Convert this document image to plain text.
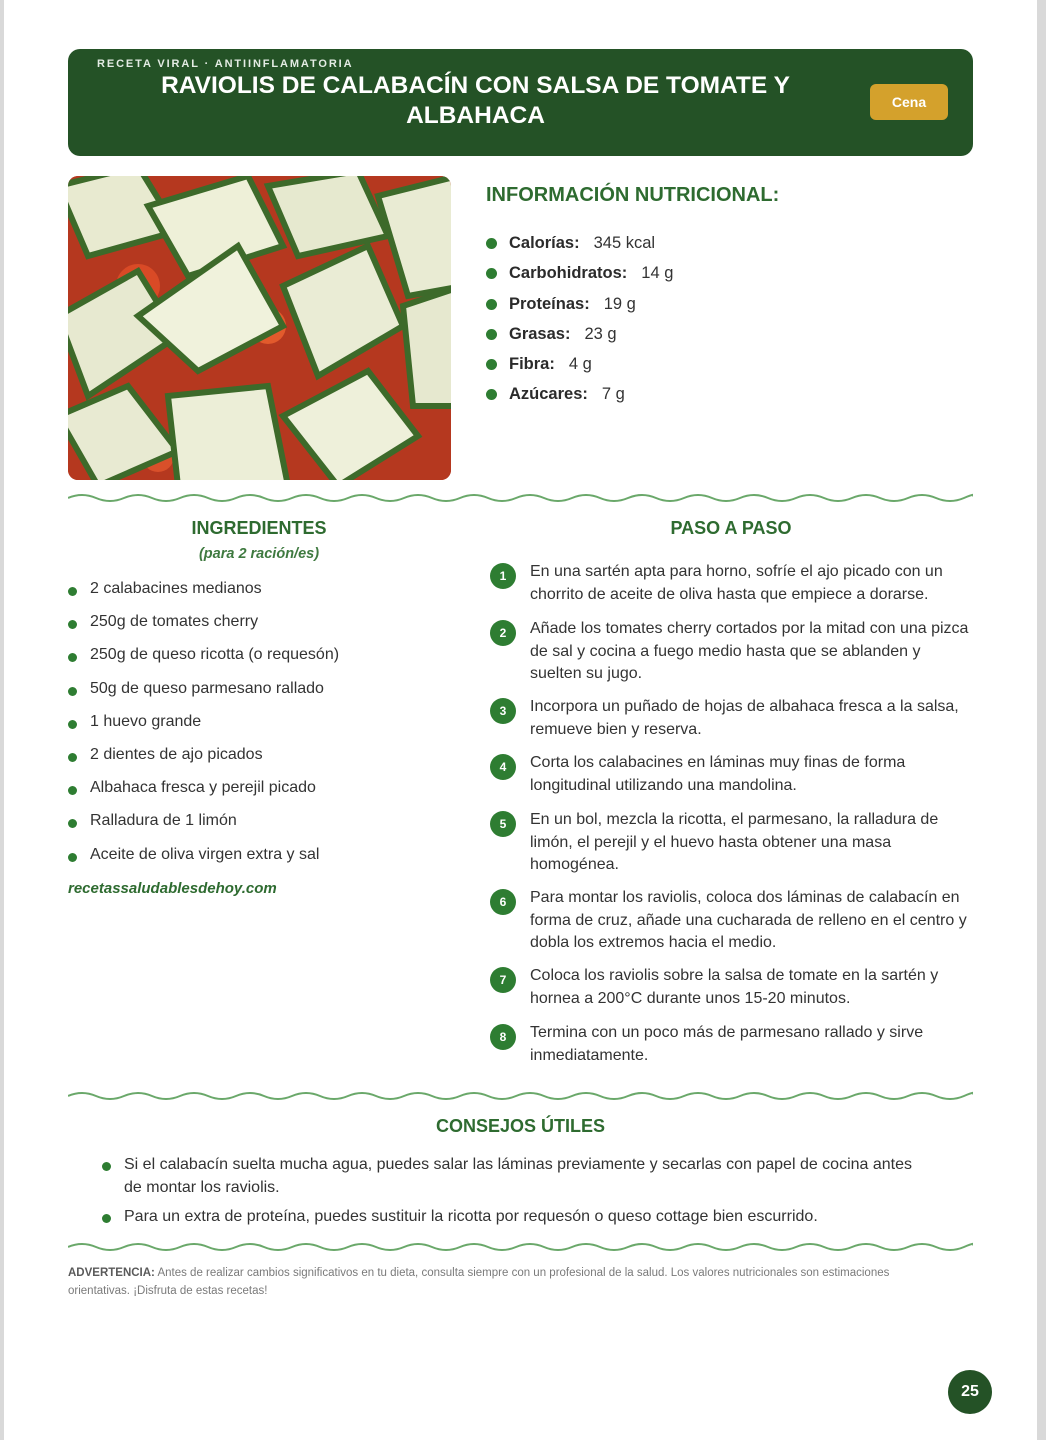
RECETA VIRAL · ANTIINFLAMATORIA
RAVIOLIS DE CALABACÍN CON SALSA DE TOMATE Y ALBAHACA	Cena
INFORMACIÓN NUTRICIONAL:
Calorías: 345 kcal
Carbohidratos: 14 g
Proteínas: 19 g
Grasas: 23 g
Fibra: 4 g
Azúcares: 7 g
INGREDIENTES
(para 2 ración/es)
2 calabacines medianos
250g de tomates cherry
250g de queso ricotta (o requesón)
50g de queso parmesano rallado
1 huevo grande
2 dientes de ajo picados
Albahaca fresca y perejil picado
Ralladura de 1 limón
Aceite de oliva virgen extra y sal
recetassaludablesdehoy.com
PASO A PASO
1	En una sartén apta para horno, sofríe el ajo picado con un chorrito de aceite de oliva hasta que empiece a dorarse.
2	Añade los tomates cherry cortados por la mitad con una pizca de sal y cocina a fuego medio hasta que se ablanden y suelten su jugo.
3	Incorpora un puñado de hojas de albahaca fresca a la salsa, remueve bien y reserva.
4	Corta los calabacines en láminas muy finas de forma longitudinal utilizando una mandolina.
5	En un bol, mezcla la ricotta, el parmesano, la ralladura de limón, el perejil y el huevo hasta obtener una masa homogénea.
6	Para montar los raviolis, coloca dos láminas de calabacín en forma de cruz, añade una cucharada de relleno en el centro y dobla los extremos hacia el medio.
7	Coloca los raviolis sobre la salsa de tomate en la sartén y hornea a 200°C durante unos 15-20 minutos.
8	Termina con un poco más de parmesano rallado y sirve inmediatamente.
CONSEJOS ÚTILES
Si el calabacín suelta mucha agua, puedes salar las láminas previamente y secarlas con papel de cocina antes de montar los raviolis.
Para un extra de proteína, puedes sustituir la ricotta por requesón o queso cottage bien escurrido.
ADVERTENCIA: Antes de realizar cambios significativos en tu dieta, consulta siempre con un profesional de la salud. Los valores nutricionales son estimaciones orientativas. ¡Disfruta de estas recetas!
25
